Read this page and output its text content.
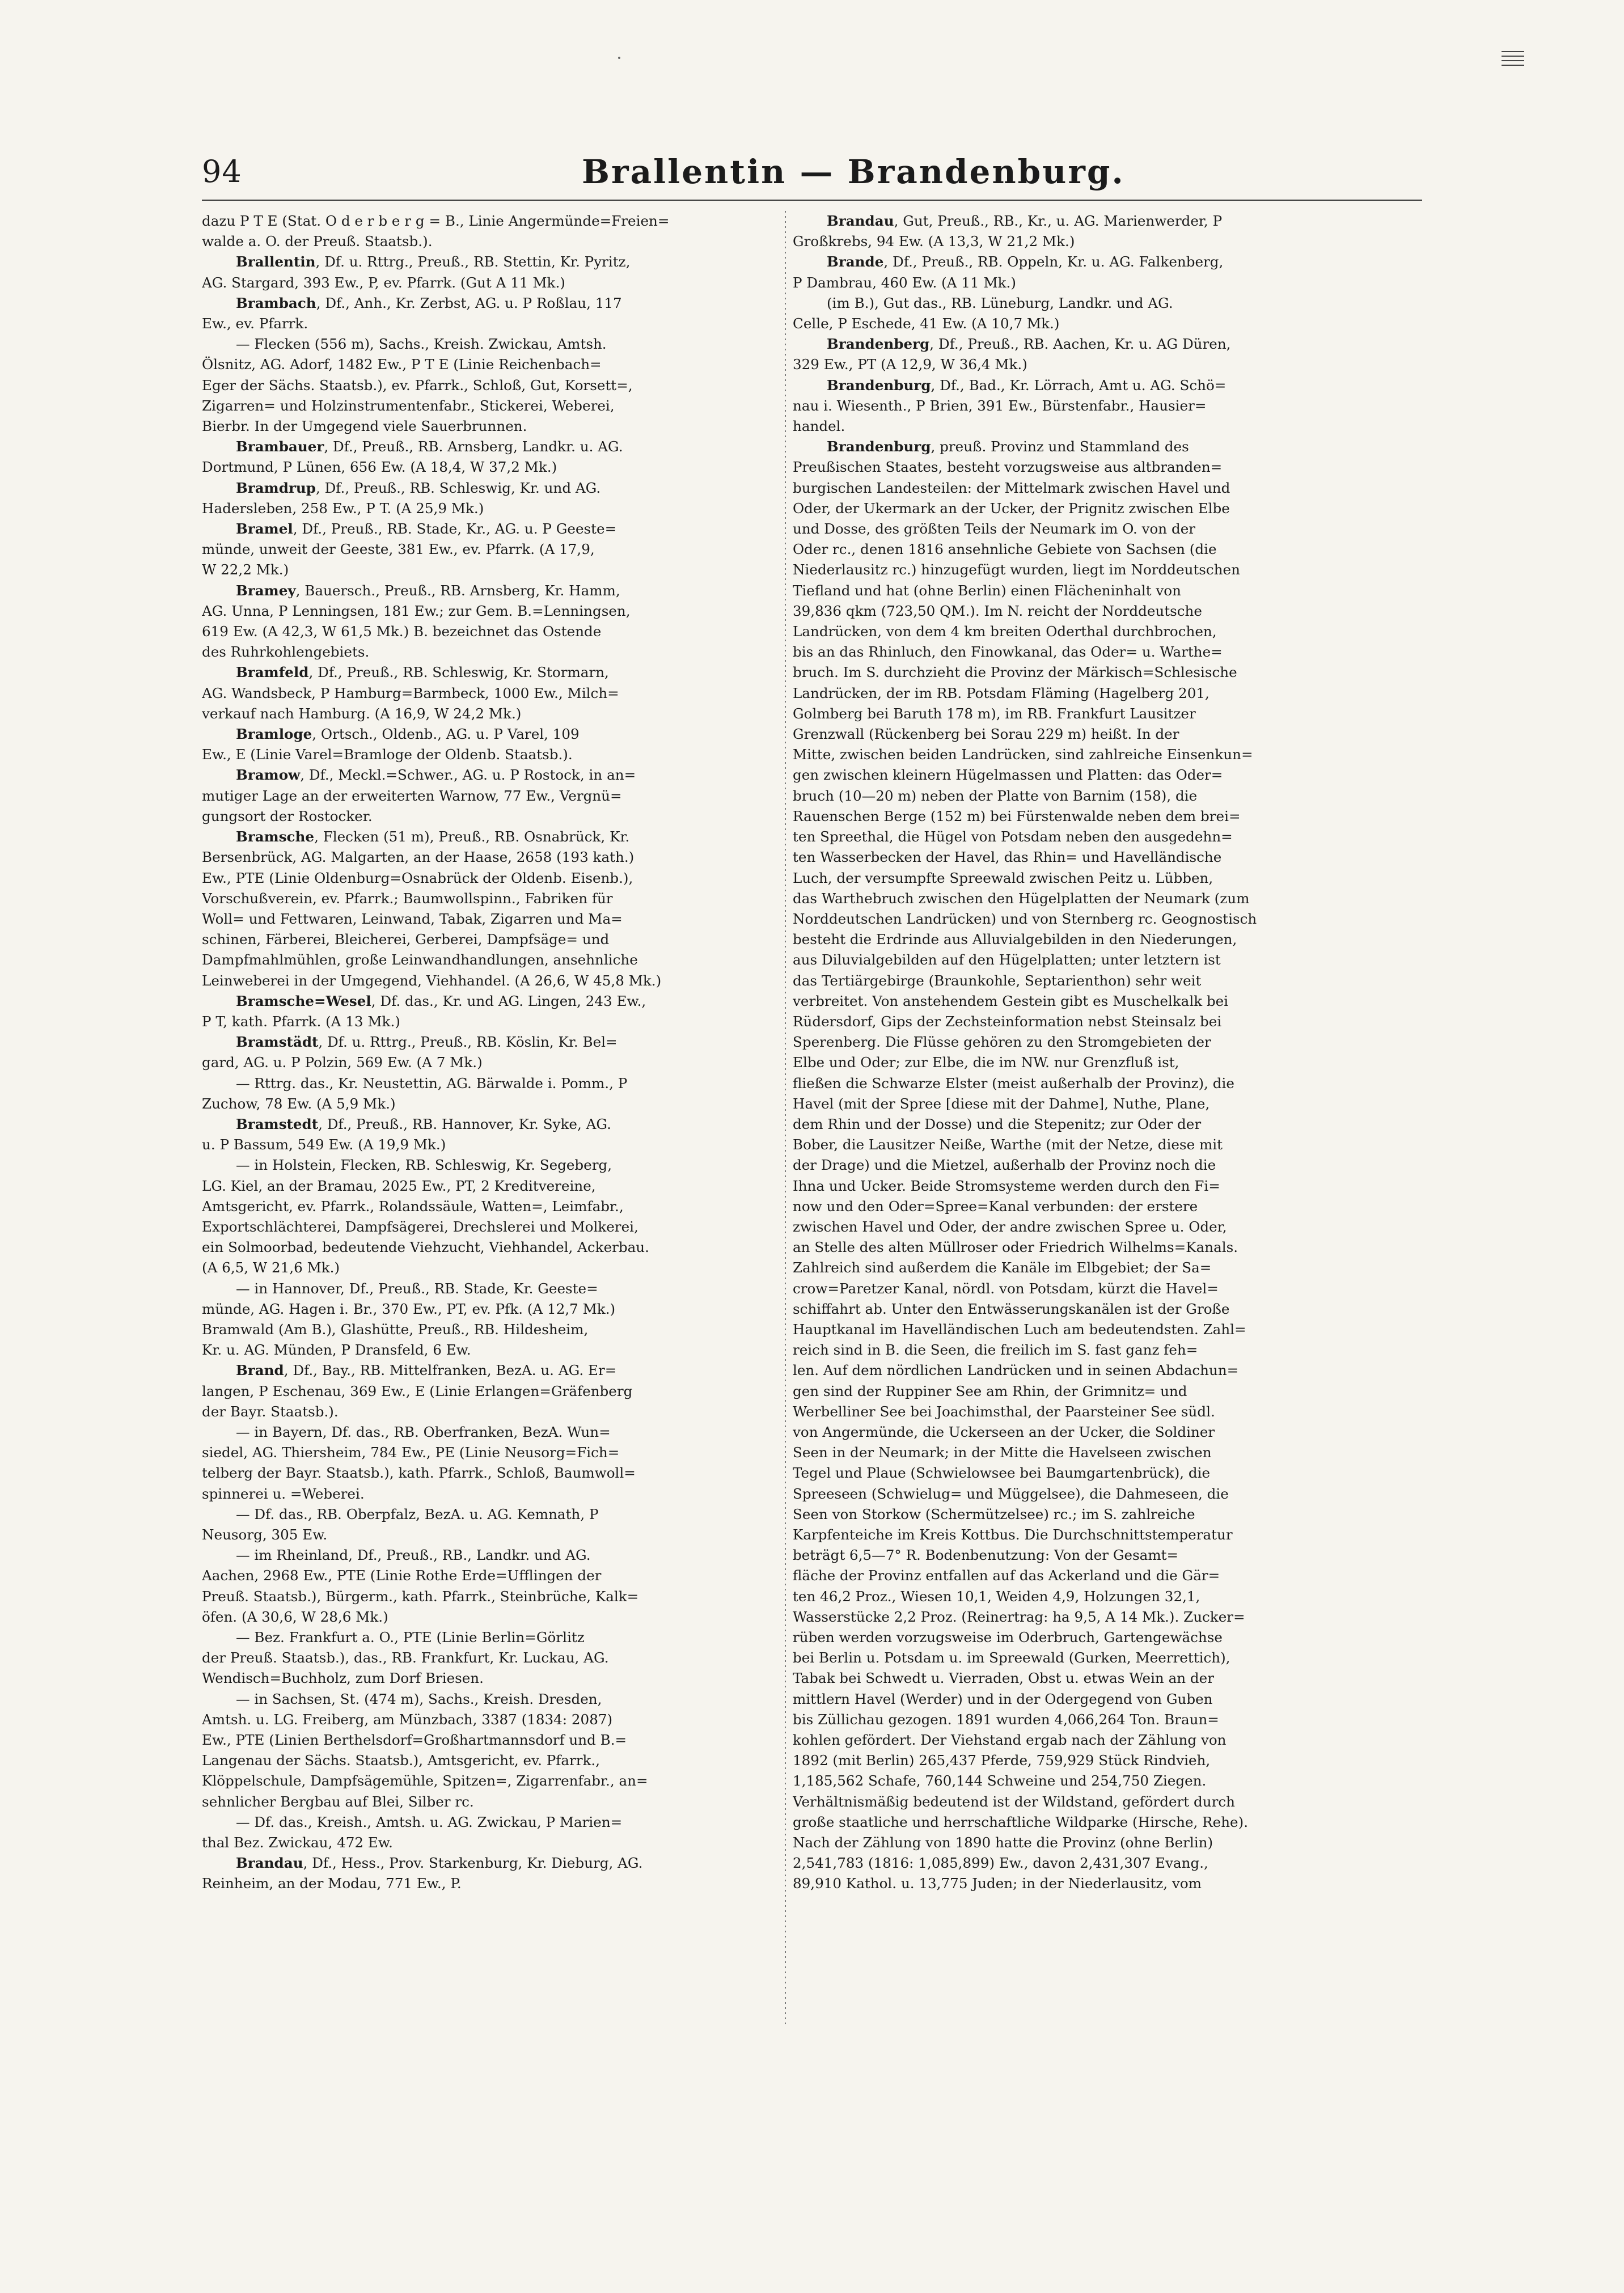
94	Brallentin — Brandenburg.
dazu P T E (Stat. O d e r b e r g = B., Linie Angermünde=Freien=
walde a. O. der Preuß. Staatsb.).
Brallentin, Df. u. Rttrg., Preuß., RB. Stettin, Kr. Pyritz,
AG. Stargard, 393 Ew., P, ev. Pfarrk. (Gut A 11 Mk.)
Brambach, Df., Anh., Kr. Zerbst, AG. u. P Roßlau, 117
Ew., ev. Pfarrk.
— Flecken (556 m), Sachs., Kreish. Zwickau, Amtsh.
Ölsnitz, AG. Adorf, 1482 Ew., P T E (Linie Reichenbach=
Eger der Sächs. Staatsb.), ev. Pfarrk., Schloß, Gut, Korsett=,
Zigarren= und Holzinstrumentenfabr., Stickerei, Weberei,
Bierbr. In der Umgegend viele Sauerbrunnen.
Brambauer, Df., Preuß., RB. Arnsberg, Landkr. u. AG.
Dortmund, P Lünen, 656 Ew. (A 18,4, W 37,2 Mk.)
Bramdrup, Df., Preuß., RB. Schleswig, Kr. und AG.
Hadersleben, 258 Ew., P T. (A 25,9 Mk.)
Bramel, Df., Preuß., RB. Stade, Kr., AG. u. P Geeste=
münde, unweit der Geeste, 381 Ew., ev. Pfarrk. (A 17,9,
W 22,2 Mk.)
Bramey, Bauersch., Preuß., RB. Arnsberg, Kr. Hamm,
AG. Unna, P Lenningsen, 181 Ew.; zur Gem. B.=Lenningsen,
619 Ew. (A 42,3, W 61,5 Mk.) B. bezeichnet das Ostende
des Ruhrkohlengebiets.
Bramfeld, Df., Preuß., RB. Schleswig, Kr. Stormarn,
AG. Wandsbeck, P Hamburg=Barmbeck, 1000 Ew., Milch=
verkauf nach Hamburg. (A 16,9, W 24,2 Mk.)
Bramloge, Ortsch., Oldenb., AG. u. P Varel, 109
Ew., E (Linie Varel=Bramloge der Oldenb. Staatsb.).
Bramow, Df., Meckl.=Schwer., AG. u. P Rostock, in an=
mutiger Lage an der erweiterten Warnow, 77 Ew., Vergnü=
gungsort der Rostocker.
Bramsche, Flecken (51 m), Preuß., RB. Osnabrück, Kr.
Bersenbrück, AG. Malgarten, an der Haase, 2658 (193 kath.)
Ew., PTE (Linie Oldenburg=Osnabrück der Oldenb. Eisenb.),
Vorschußverein, ev. Pfarrk.; Baumwollspinn., Fabriken für
Woll= und Fettwaren, Leinwand, Tabak, Zigarren und Ma=
schinen, Färberei, Bleicherei, Gerberei, Dampfsäge= und
Dampfmahlmühlen, große Leinwandhandlungen, ansehnliche
Leinweberei in der Umgegend, Viehhandel. (A 26,6, W 45,8 Mk.)
Bramsche=Wesel, Df. das., Kr. und AG. Lingen, 243 Ew.,
P T, kath. Pfarrk. (A 13 Mk.)
Bramstädt, Df. u. Rttrg., Preuß., RB. Köslin, Kr. Bel=
gard, AG. u. P Polzin, 569 Ew. (A 7 Mk.)
— Rttrg. das., Kr. Neustettin, AG. Bärwalde i. Pomm., P
Zuchow, 78 Ew. (A 5,9 Mk.)
Bramstedt, Df., Preuß., RB. Hannover, Kr. Syke, AG.
u. P Bassum, 549 Ew. (A 19,9 Mk.)
— in Holstein, Flecken, RB. Schleswig, Kr. Segeberg,
LG. Kiel, an der Bramau, 2025 Ew., PT, 2 Kreditvereine,
Amtsgericht, ev. Pfarrk., Rolandssäule, Watten=, Leimfabr.,
Exportschlächterei, Dampfsägerei, Drechslerei und Molkerei,
ein Solmoorbad, bedeutende Viehzucht, Viehhandel, Ackerbau.
(A 6,5, W 21,6 Mk.)
— in Hannover, Df., Preuß., RB. Stade, Kr. Geeste=
münde, AG. Hagen i. Br., 370 Ew., PT, ev. Pfk. (A 12,7 Mk.)
Bramwald (Am B.), Glashütte, Preuß., RB. Hildesheim,
Kr. u. AG. Münden, P Dransfeld, 6 Ew.
Brand, Df., Bay., RB. Mittelfranken, BezA. u. AG. Er=
langen, P Eschenau, 369 Ew., E (Linie Erlangen=Gräfenberg
der Bayr. Staatsb.).
— in Bayern, Df. das., RB. Oberfranken, BezA. Wun=
siedel, AG. Thiersheim, 784 Ew., PE (Linie Neusorg=Fich=
telberg der Bayr. Staatsb.), kath. Pfarrk., Schloß, Baumwoll=
spinnerei u. =Weberei.
— Df. das., RB. Oberpfalz, BezA. u. AG. Kemnath, P
Neusorg, 305 Ew.
— im Rheinland, Df., Preuß., RB., Landkr. und AG.
Aachen, 2968 Ew., PTE (Linie Rothe Erde=Ufflingen der
Preuß. Staatsb.), Bürgerm., kath. Pfarrk., Steinbrüche, Kalk=
öfen. (A 30,6, W 28,6 Mk.)
— Bez. Frankfurt a. O., PTE (Linie Berlin=Görlitz
der Preuß. Staatsb.), das., RB. Frankfurt, Kr. Luckau, AG.
Wendisch=Buchholz, zum Dorf Briesen.
— in Sachsen, St. (474 m), Sachs., Kreish. Dresden,
Amtsh. u. LG. Freiberg, am Münzbach, 3387 (1834: 2087)
Ew., PTE (Linien Berthelsdorf=Großhartmannsdorf und B.=
Langenau der Sächs. Staatsb.), Amtsgericht, ev. Pfarrk.,
Klöppelschule, Dampfsägemühle, Spitzen=, Zigarrenfabr., an=
sehnlicher Bergbau auf Blei, Silber rc.
— Df. das., Kreish., Amtsh. u. AG. Zwickau, P Marien=
thal Bez. Zwickau, 472 Ew.
Brandau, Df., Hess., Prov. Starkenburg, Kr. Dieburg, AG.
Reinheim, an der Modau, 771 Ew., P.
Brandau, Gut, Preuß., RB., Kr., u. AG. Marienwerder, P
Großkrebs, 94 Ew. (A 13,3, W 21,2 Mk.)
Brande, Df., Preuß., RB. Oppeln, Kr. u. AG. Falkenberg,
P Dambrau, 460 Ew. (A 11 Mk.)
(im B.), Gut das., RB. Lüneburg, Landkr. und AG.
Celle, P Eschede, 41 Ew. (A 10,7 Mk.)
Brandenberg, Df., Preuß., RB. Aachen, Kr. u. AG Düren,
329 Ew., PT (A 12,9, W 36,4 Mk.)
Brandenburg, Df., Bad., Kr. Lörrach, Amt u. AG. Schö=
nau i. Wiesenth., P Brien, 391 Ew., Bürstenfabr., Hausier=
handel.
Brandenburg, preuß. Provinz und Stammland des
Preußischen Staates, besteht vorzugsweise aus altbranden=
burgischen Landesteilen: der Mittelmark zwischen Havel und
Oder, der Ukermark an der Ucker, der Prignitz zwischen Elbe
und Dosse, des größten Teils der Neumark im O. von der
Oder rc., denen 1816 ansehnliche Gebiete von Sachsen (die
Niederlausitz rc.) hinzugefügt wurden, liegt im Norddeutschen
Tiefland und hat (ohne Berlin) einen Flächeninhalt von
39,836 qkm (723,50 QM.). Im N. reicht der Norddeutsche
Landrücken, von dem 4 km breiten Oderthal durchbrochen,
bis an das Rhinluch, den Finowkanal, das Oder= u. Warthe=
bruch. Im S. durchzieht die Provinz der Märkisch=Schlesische
Landrücken, der im RB. Potsdam Fläming (Hagelberg 201,
Golmberg bei Baruth 178 m), im RB. Frankfurt Lausitzer
Grenzwall (Rückenberg bei Sorau 229 m) heißt. In der
Mitte, zwischen beiden Landrücken, sind zahlreiche Einsenkun=
gen zwischen kleinern Hügelmassen und Platten: das Oder=
bruch (10—20 m) neben der Platte von Barnim (158), die
Rauenschen Berge (152 m) bei Fürstenwalde neben dem brei=
ten Spreethal, die Hügel von Potsdam neben den ausgedehn=
ten Wasserbecken der Havel, das Rhin= und Havelländische
Luch, der versumpfte Spreewald zwischen Peitz u. Lübben,
das Warthebruch zwischen den Hügelplatten der Neumark (zum
Norddeutschen Landrücken) und von Sternberg rc. Geognostisch
besteht die Erdrinde aus Alluvialgebilden in den Niederungen,
aus Diluvialgebilden auf den Hügelplatten; unter letztern ist
das Tertiärgebirge (Braunkohle, Septarienthon) sehr weit
verbreitet. Von anstehendem Gestein gibt es Muschelkalk bei
Rüdersdorf, Gips der Zechsteinformation nebst Steinsalz bei
Sperenberg. Die Flüsse gehören zu den Stromgebieten der
Elbe und Oder; zur Elbe, die im NW. nur Grenzfluß ist,
fließen die Schwarze Elster (meist außerhalb der Provinz), die
Havel (mit der Spree [diese mit der Dahme], Nuthe, Plane,
dem Rhin und der Dosse) und die Stepenitz; zur Oder der
Bober, die Lausitzer Neiße, Warthe (mit der Netze, diese mit
der Drage) und die Mietzel, außerhalb der Provinz noch die
Ihna und Ucker. Beide Stromsysteme werden durch den Fi=
now und den Oder=Spree=Kanal verbunden: der erstere
zwischen Havel und Oder, der andre zwischen Spree u. Oder,
an Stelle des alten Müllroser oder Friedrich Wilhelms=Kanals.
Zahlreich sind außerdem die Kanäle im Elbgebiet; der Sa=
crow=Paretzer Kanal, nördl. von Potsdam, kürzt die Havel=
schiffahrt ab. Unter den Entwässerungskanälen ist der Große
Hauptkanal im Havelländischen Luch am bedeutendsten. Zahl=
reich sind in B. die Seen, die freilich im S. fast ganz feh=
len. Auf dem nördlichen Landrücken und in seinen Abdachun=
gen sind der Ruppiner See am Rhin, der Grimnitz= und
Werbelliner See bei Joachimsthal, der Paarsteiner See südl.
von Angermünde, die Uckerseen an der Ucker, die Soldiner
Seen in der Neumark; in der Mitte die Havelseen zwischen
Tegel und Plaue (Schwielowsee bei Baumgartenbrück), die
Spreeseen (Schwielug= und Müggelsee), die Dahmeseen, die
Seen von Storkow (Schermützelsee) rc.; im S. zahlreiche
Karpfenteiche im Kreis Kottbus. Die Durchschnittstemperatur
beträgt 6,5—7° R. Bodenbenutzung: Von der Gesamt=
fläche der Provinz entfallen auf das Ackerland und die Gär=
ten 46,2 Proz., Wiesen 10,1, Weiden 4,9, Holzungen 32,1,
Wasserstücke 2,2 Proz. (Reinertrag: ha 9,5, A 14 Mk.). Zucker=
rüben werden vorzugsweise im Oderbruch, Gartengewächse
bei Berlin u. Potsdam u. im Spreewald (Gurken, Meerrettich),
Tabak bei Schwedt u. Vierraden, Obst u. etwas Wein an der
mittlern Havel (Werder) und in der Odergegend von Guben
bis Züllichau gezogen. 1891 wurden 4,066,264 Ton. Braun=
kohlen gefördert. Der Viehstand ergab nach der Zählung von
1892 (mit Berlin) 265,437 Pferde, 759,929 Stück Rindvieh,
1,185,562 Schafe, 760,144 Schweine und 254,750 Ziegen.
Verhältnismäßig bedeutend ist der Wildstand, gefördert durch
große staatliche und herrschaftliche Wildparke (Hirsche, Rehe).
Nach der Zählung von 1890 hatte die Provinz (ohne Berlin)
2,541,783 (1816: 1,085,899) Ew., davon 2,431,307 Evang.,
89,910 Kathol. u. 13,775 Juden; in der Niederlausitz, vom
